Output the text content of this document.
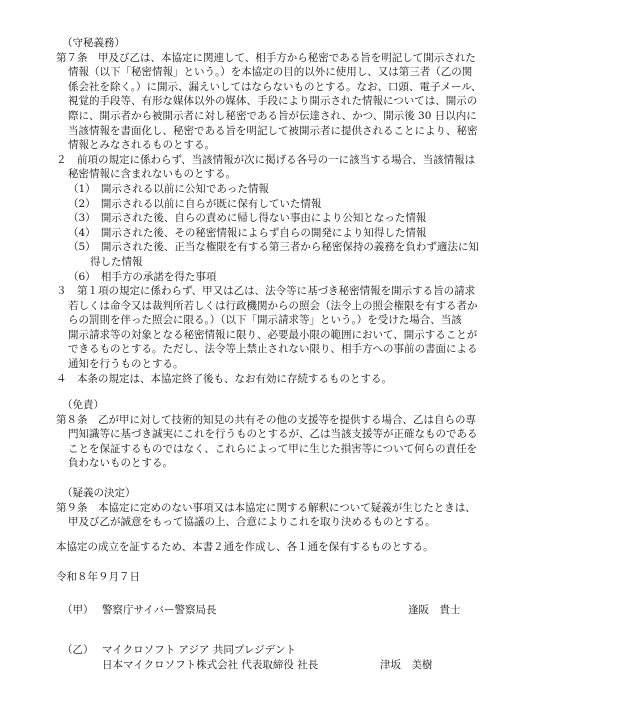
（守秘義務）
第７条　甲及び乙は、本協定に関連して、相手方から秘密である旨を明記して開示された
情報（以下「秘密情報」という。）を本協定の目的以外に使用し、又は第三者（乙の関
係会社を除く。）に開示、漏えいしてはならないものとする。なお、口頭、電子メール、
視覚的手段等、有形な媒体以外の媒体、手段により開示された情報については、開示の
際に、開示者から被開示者に対し秘密である旨が伝達され、かつ、開示後 30 日以内に
当該情報を書面化し、秘密である旨を明記して被開示者に提供されることにより、秘密
情報とみなされるものとする。
２　前項の規定に係わらず、当該情報が次に掲げる各号の一に該当する場合、当該情報は
秘密情報に含まれないものとする。
（1）　開示される以前に公知であった情報
（2）　開示される以前に自らが既に保有していた情報
（3）　開示された後、自らの責めに帰し得ない事由により公知となった情報
（4）　開示された後、その秘密情報によらず自らの開発により知得した情報
（5）　開示された後、正当な権限を有する第三者から秘密保持の義務を負わず適法に知
得した情報
（6）　相手方の承諾を得た事項
３　第１項の規定に係わらず、甲又は乙は、法令等に基づき秘密情報を開示する旨の請求
若しくは命令又は裁判所若しくは行政機関からの照会（法令上の照会権限を有する者か
らの罰則を伴った照会に限る。）（以下「開示請求等」という。）を受けた場合、当該
開示請求等の対象となる秘密情報に限り、必要最小限の範囲において、開示することが
できるものとする。ただし、法令等上禁止されない限り、相手方への事前の書面による
通知を行うものとする。
４　本条の規定は、本協定終了後も、なお有効に存続するものとする。
（免責）
第８条　乙が甲に対して技術的知見の共有その他の支援等を提供する場合、乙は自らの専
門知識等に基づき誠実にこれを行うものとするが、乙は当該支援等が正確なものである
ことを保証するものではなく、これらによって甲に生じた損害等について何らの責任を
負わないものとする。
（疑義の決定）
第９条　本協定に定めのない事項又は本協定に関する解釈について疑義が生じたときは、
甲及び乙が誠意をもって協議の上、合意によりこれを取り決めるものとする。
本協定の成立を証するため、本書２通を作成し、各１通を保有するものとする。
令和８年９月７日
（甲） 警察庁サイバー警察局長	逢阪　貴士
（乙） マイクロソフト アジア 共同プレジデント
日本マイクロソフト株式会社 代表取締役 社長	津坂　美樹
